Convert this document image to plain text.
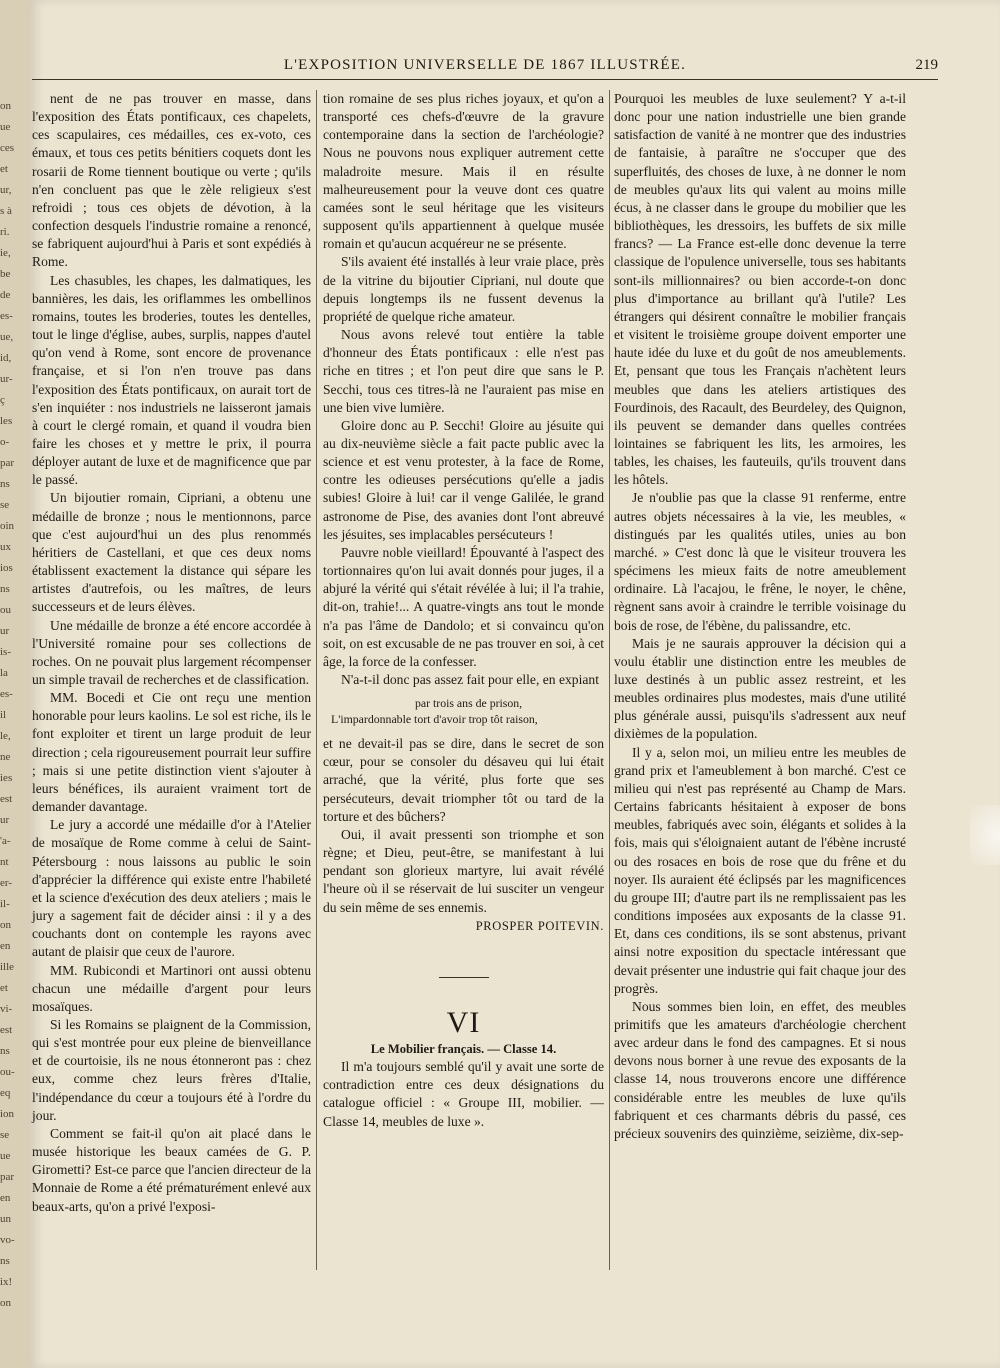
on
ue
ces
et
ur,
s à
ri.
ie,
be
de
es-
ue,
id,
ur-
ç
les
o-
par
ns
se
oin
ux
ios
ns
ou
ur
is-
la
es-
il
le,
ne
ies
est
ur
'a-
nt
er-
il-
on
en
ille
et
vi-
est
ns
ou-
eq
ion
se
ue
par
en
un
vo-
ns
ix!
on
L'EXPOSITION UNIVERSELLE DE 1867 ILLUSTRÉE.	219

nent de ne pas trouver en masse, dans l'exposition des États pontificaux, ces chapelets, ces scapulaires, ces médailles, ces ex-voto, ces émaux, et tous ces petits bénitiers coquets dont les rosarii de Rome tiennent boutique ou verte ; qu'ils n'en concluent pas que le zèle religieux s'est refroidi ; tous ces objets de dévotion, à la confection desquels l'industrie romaine a renoncé, se fabriquent aujourd'hui à Paris et sont expédiés à Rome.

Les chasubles, les chapes, les dalmatiques, les bannières, les dais, les oriflammes les ombellinos romains, toutes les broderies, toutes les dentelles, tout le linge d'église, aubes, surplis, nappes d'autel qu'on vend à Rome, sont encore de provenance française, et si l'on n'en trouve pas dans l'exposition des États pontificaux, on aurait tort de s'en inquiéter : nos industriels ne laisseront jamais à court le clergé romain, et quand il voudra bien faire les choses et y mettre le prix, il pourra déployer autant de luxe et de magnificence que par le passé.

Un bijoutier romain, Cipriani, a obtenu une médaille de bronze ; nous le mentionnons, parce que c'est aujourd'hui un des plus renommés héritiers de Castellani, et que ces deux noms établissent exactement la distance qui sépare les artistes d'autrefois, ou les maîtres, de leurs successeurs et de leurs élèves.

Une médaille de bronze a été encore accordée à l'Université romaine pour ses collections de roches. On ne pouvait plus largement récompenser un simple travail de recherches et de classification.

MM. Bocedi et Cie ont reçu une mention honorable pour leurs kaolins. Le sol est riche, ils le font exploiter et tirent un large produit de leur direction ; cela rigoureusement pourrait leur suffire ; mais si une petite distinction vient s'ajouter à leurs bénéfices, ils auraient vraiment tort de demander davantage.

Le jury a accordé une médaille d'or à l'Atelier de mosaïque de Rome comme à celui de Saint-Pétersbourg : nous laissons au public le soin d'apprécier la différence qui existe entre l'habileté et la science d'exécution des deux ateliers ; mais le jury a sagement fait de décider ainsi : il y a des couchants dont on contemple les rayons avec autant de plaisir que ceux de l'aurore.

MM. Rubicondi et Martinori ont aussi obtenu chacun une médaille d'argent pour leurs mosaïques.

Si les Romains se plaignent de la Commission, qui s'est montrée pour eux pleine de bienveillance et de courtoisie, ils ne nous étonneront pas : chez eux, comme chez leurs frères d'Italie, l'indépendance du cœur a toujours été à l'ordre du jour.

Comment se fait-il qu'on ait placé dans le musée historique les beaux camées de G. P. Girometti? Est-ce parce que l'ancien directeur de la Monnaie de Rome a été prématurément enlevé aux beaux-arts, qu'on a privé l'exposi-

tion romaine de ses plus riches joyaux, et qu'on a transporté ces chefs-d'œuvre de la gravure contemporaine dans la section de l'archéologie? Nous ne pouvons nous expliquer autrement cette maladroite mesure. Mais il en résulte malheureusement pour la veuve dont ces quatre camées sont le seul héritage que les visiteurs supposent qu'ils appartiennent à quelque musée romain et qu'aucun acquéreur ne se présente.

S'ils avaient été installés à leur vraie place, près de la vitrine du bijoutier Cipriani, nul doute que depuis longtemps ils ne fussent devenus la propriété de quelque riche amateur.

Nous avons relevé tout entière la table d'honneur des États pontificaux : elle n'est pas riche en titres ; et l'on peut dire que sans le P. Secchi, tous ces titres-là ne l'auraient pas mise en une bien vive lumière.

Gloire donc au P. Secchi! Gloire au jésuite qui au dix-neuvième siècle a fait pacte public avec la science et est venu protester, à la face de Rome, contre les odieuses persécutions qu'elle a jadis subies! Gloire à lui! car il venge Galilée, le grand astronome de Pise, des avanies dont l'ont abreuvé les jésuites, ses implacables persécuteurs !

Pauvre noble vieillard! Épouvanté à l'aspect des tortionnaires qu'on lui avait donnés pour juges, il a abjuré la vérité qui s'était révélée à lui; il l'a trahie, dit-on, trahie!... A quatre-vingts ans tout le monde n'a pas l'âme de Dandolo; et si convaincu qu'on soit, on est excusable de ne pas trouver en soi, à cet âge, la force de la confesser.

N'a-t-il donc pas assez fait pour elle, en expiant

par trois ans de prison,

L'impardonnable tort d'avoir trop tôt raison,

et ne devait-il pas se dire, dans le secret de son cœur, pour se consoler du désaveu qui lui était arraché, que la vérité, plus forte que ses persécuteurs, devait triompher tôt ou tard de la torture et des bûchers?

Oui, il avait pressenti son triomphe et son règne; et Dieu, peut-être, se manifestant à lui pendant son glorieux martyre, lui avait révélé l'heure où il se réservait de lui susciter un vengeur du sein même de ses ennemis.

PROSPER POITEVIN.

VI

Le Mobilier français. — Classe 14.

Il m'a toujours semblé qu'il y avait une sorte de contradiction entre ces deux désignations du catalogue officiel : « Groupe III, mobilier. — Classe 14, meubles de luxe ».

Pourquoi les meubles de luxe seulement? Y a-t-il donc pour une nation industrielle une bien grande satisfaction de vanité à ne montrer que des industries de fantaisie, à paraître ne s'occuper que des superfluités, des choses de luxe, à ne donner le nom de meubles qu'aux lits qui valent au moins mille écus, à ne classer dans le groupe du mobilier que les bibliothèques, les dressoirs, les buffets de six mille francs? — La France est-elle donc devenue la terre classique de l'opulence universelle, tous ses habitants sont-ils millionnaires? ou bien accorde-t-on donc plus d'importance au brillant qu'à l'utile? Les étrangers qui désirent connaître le mobilier français et visitent le troisième groupe doivent emporter une haute idée du luxe et du goût de nos ameublements. Et, pensant que tous les Français n'achètent leurs meubles que dans les ateliers artistiques des Fourdinois, des Racault, des Beurdeley, des Quignon, ils peuvent se demander dans quelles contrées lointaines se fabriquent les lits, les armoires, les tables, les chaises, les fauteuils, qu'ils trouvent dans les hôtels.

Je n'oublie pas que la classe 91 renferme, entre autres objets nécessaires à la vie, les meubles, « distingués par les qualités utiles, unies au bon marché. » C'est donc là que le visiteur trouvera les spécimens les mieux faits de notre ameublement ordinaire. Là l'acajou, le frêne, le noyer, le chêne, règnent sans avoir à craindre le terrible voisinage du bois de rose, de l'ébène, du palissandre, etc.

Mais je ne saurais approuver la décision qui a voulu établir une distinction entre les meubles de luxe destinés à un public assez restreint, et les meubles ordinaires plus modestes, mais d'une utilité plus générale aussi, puisqu'ils s'adressent aux neuf dixièmes de la population.

Il y a, selon moi, un milieu entre les meubles de grand prix et l'ameublement à bon marché. C'est ce milieu qui n'est pas représenté au Champ de Mars. Certains fabricants hésitaient à exposer de bons meubles, fabriqués avec soin, élégants et solides à la fois, mais qui s'éloignaient autant de l'ébène incrusté ou des rosaces en bois de rose que du frêne et du noyer. Ils auraient été éclipsés par les magnificences du groupe III; d'autre part ils ne remplissaient pas les conditions imposées aux exposants de la classe 91. Et, dans ces conditions, ils se sont abstenus, privant ainsi notre exposition du spectacle intéressant que devait présenter une industrie qui fait chaque jour des progrès.

Nous sommes bien loin, en effet, des meubles primitifs que les amateurs d'archéologie cherchent avec ardeur dans le fond des campagnes. Et si nous devons nous borner à une revue des exposants de la classe 14, nous trouverons encore une différence considérable entre les meubles de luxe qu'ils fabriquent et ces charmants débris du passé, ces précieux souvenirs des quinzième, seizième, dix-sep-
